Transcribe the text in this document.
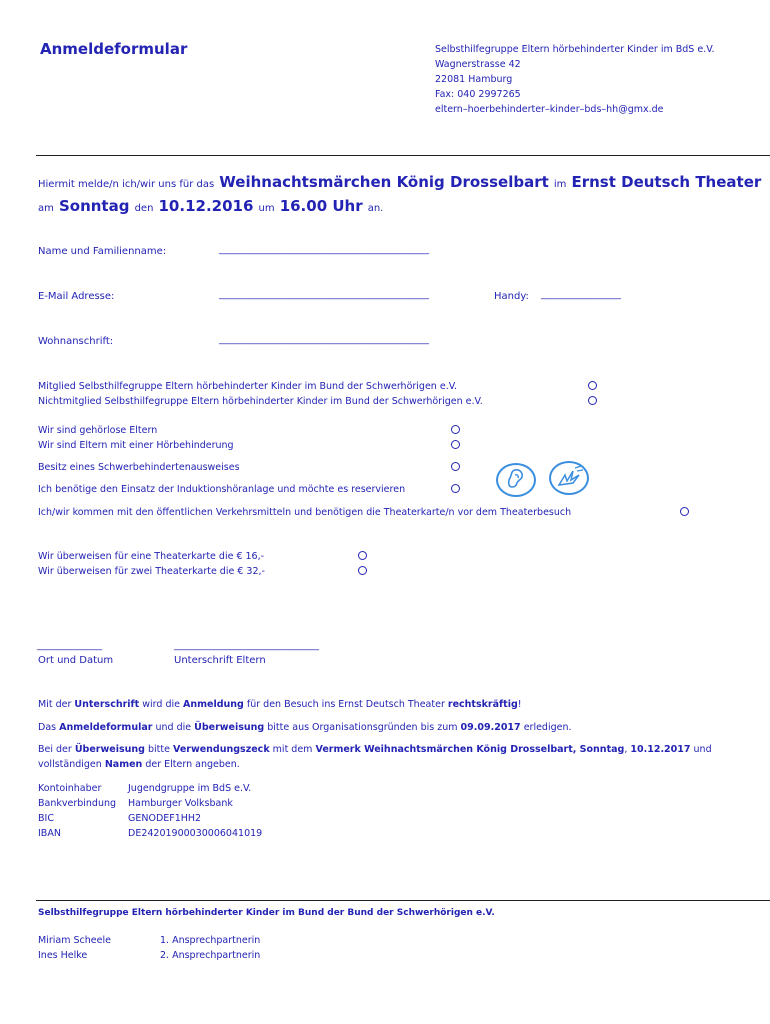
Anmeldeformular	Selbsthilfegruppe Eltern hörbehinderter Kinder im BdS e.V.
Wagnerstrasse 42
22081 Hamburg
Fax: 040 2997265
eltern–hoerbehinderter–kinder–bds–hh@gmx.de
Hiermit melde/n ich/wir uns für das Weihnachtsmärchen König Drosselbart im Ernst Deutsch Theater
am Sonntag den 10.12.2016 um 16.00 Uhr an.
Name und Familienname:	__________________________________________
E-Mail Adresse:	__________________________________________	Handy: ________________
Wohnanschrift:	__________________________________________
Mitglied Selbsthilfegruppe Eltern hörbehinderter Kinder im Bund der Schwerhörigen e.V.
Nichtmitglied Selbsthilfegruppe Eltern hörbehinderter Kinder im Bund der Schwerhörigen e.V.
Wir sind gehörlose Eltern
Wir sind Eltern mit einer Hörbehinderung
Besitz eines Schwerbehindertenausweises
Ich benötige den Einsatz der Induktionshöranlage und möchte es reservieren
Ich/wir kommen mit den öffentlichen Verkehrsmitteln und benötigen die Theaterkarte/n vor dem Theaterbesuch
Wir überweisen für eine Theaterkarte die € 16,-
Wir überweisen für zwei Theaterkarte die € 32,-
_____________	_____________________________
Ort und Datum	Unterschrift Eltern
Mit der Unterschrift wird die Anmeldung für den Besuch ins Ernst Deutsch Theater rechtskräftig!
Das Anmeldeformular und die Überweisung bitte aus Organisationsgründen bis zum 09.09.2017 erledigen.
Bei der Überweisung bitte Verwendungszeck mit dem Vermerk Weihnachtsmärchen König Drosselbart, Sonntag, 10.12.2017 und
vollständigen Namen der Eltern angeben.
Kontoinhaber	Jugendgruppe im BdS e.V.
Bankverbindung Hamburger Volksbank
BIC	GENODEF1HH2
IBAN	DE24201900030006041019
Selbsthilfegruppe Eltern hörbehinderter Kinder im Bund der Bund der Schwerhörigen e.V.
Miriam Scheele	1. Ansprechpartnerin
Ines Helke	2. Ansprechpartnerin
